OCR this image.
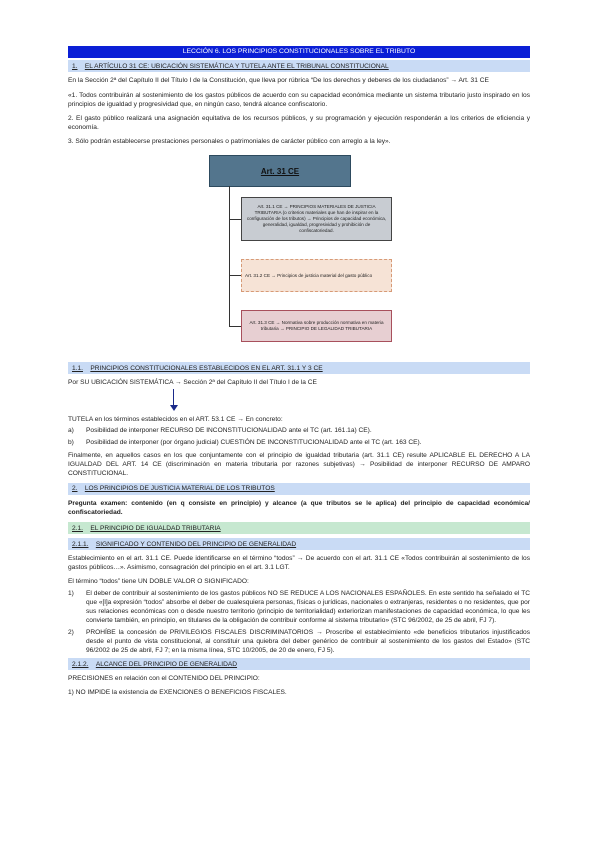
LECCIÓN 6. LOS PRINCIPIOS CONSTITUCIONALES SOBRE EL TRIBUTO
1. EL ARTÍCULO 31 CE: UBICACIÓN SISTEMÁTICA Y TUTELA ANTE EL TRIBUNAL CONSTITUCIONAL

En la Sección 2ª del Capítulo II del Título I de la Constitución, que lleva por rúbrica “De los derechos y deberes de los ciudadanos” → Art. 31 CE

«1. Todos contribuirán al sostenimiento de los gastos públicos de acuerdo con su capacidad económica mediante un sistema tributario justo inspirado en los principios de igualdad y progresividad que, en ningún caso, tendrá alcance confiscatorio.

2. El gasto público realizará una asignación equitativa de los recursos públicos, y su programación y ejecución responderán a los criterios de eficiencia y economía.

3. Sólo podrán establecerse prestaciones personales o patrimoniales de carácter público con arreglo a la ley».

Art. 31 CE
Art. 31.1 CE → PRINCIPIOS MATERIALES DE JUSTICIA TRIBUTARIA (o criterios materiales que han de inspirar en la configuración de los tributos) → Principios de capacidad económica, generalidad, igualdad, progresividad y prohibición de confiscatoriedad.
Art. 31.2 CE → Principios de justicia material del gasto público
Art. 31.3 CE → Normativa sobre producción normativa en materia tributaria → PRINCIPIO DE LEGALIDAD TRIBUTARIA
1.1. PRINCIPIOS CONSTITUCIONALES ESTABLECIDOS EN EL ART. 31.1 Y 3 CE

Por SU UBICACIÓN SISTEMÁTICA → Sección 2ª del Capítulo II del Título I de la CE

TUTELA en los términos establecidos en el ART. 53.1 CE → En concreto:

a)	Posibilidad de interponer RECURSO DE INCONSTITUCIONALIDAD ante el TC (art. 161.1a) CE).
b)	Posibilidad de interponer (por órgano judicial) CUESTIÓN DE INCONSTITUCIONALIDAD ante el TC (art. 163 CE).

Finalmente, en aquellos casos en los que conjuntamente con el principio de igualdad tributaria (art. 31.1 CE) resulte APLICABLE EL DERECHO A LA IGUALDAD DEL ART. 14 CE (discriminación en materia tributaria por razones subjetivas) → Posibilidad de interponer RECURSO DE AMPARO CONSTITUCIONAL.

2. LOS PRINCIPIOS DE JUSTICIA MATERIAL DE LOS TRIBUTOS

Pregunta examen: contenido (en q consiste en principio) y alcance (a que tributos se le aplica) del principio de capacidad económica/ confiscatoriedad.

2.1. EL PRINCIPIO DE IGUALDAD TRIBUTARIA
2.1.1. SIGNIFICADO Y CONTENIDO DEL PRINCIPIO DE GENERALIDAD

Establecimiento en el art. 31.1 CE. Puede identificarse en el término “todos” → De acuerdo con el art. 31.1 CE «Todos contribuirán al sostenimiento de los gastos públicos…». Asimismo, consagración del principio en el art. 3.1 LGT.

El término “todos” tiene UN DOBLE VALOR O SIGNIFICADO:

1)	El deber de contribuir al sostenimiento de los gastos públicos NO SE REDUCE A LOS NACIONALES ESPAÑOLES. En este sentido ha señalado el TC que «[l]a expresión “todos” absorbe el deber de cualesquiera personas, físicas o jurídicas, nacionales o extranjeras, residentes o no residentes, que por sus relaciones económicas con o desde nuestro territorio (principio de territorialidad) exteriorizan manifestaciones de capacidad económica, lo que les convierte también, en principio, en titulares de la obligación de contribuir conforme al sistema tributario» (STC 96/2002, de 25 de abril, FJ 7).
2)	PROHÍBE la concesión de PRIVILEGIOS FISCALES DISCRIMINATORIOS → Proscribe el establecimiento «de beneficios tributarios injustificados desde el punto de vista constitucional, al constituir una quiebra del deber genérico de contribuir al sostenimiento de los gastos del Estado» (STC 96/2002 de 25 de abril, FJ 7; en la misma línea, STC 10/2005, de 20 de enero, FJ 5).
2.1.2. ALCANCE DEL PRINCIPIO DE GENERALIDAD

PRECISIONES en relación con el CONTENIDO DEL PRINCIPIO:

1) NO IMPIDE la existencia de EXENCIONES O BENEFICIOS FISCALES.
